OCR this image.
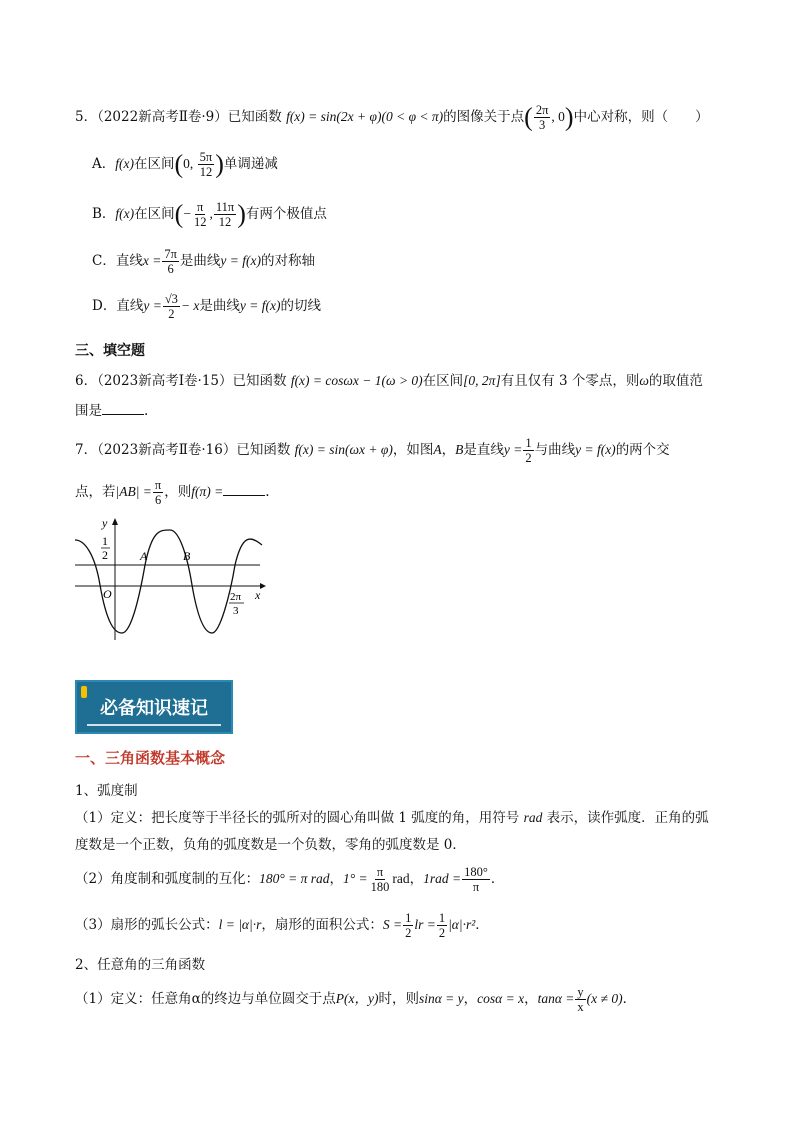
5．（2022新高考Ⅱ卷·9）已知函数 f(x) = sin(2x + φ)(0 < φ < π)的图像关于点( $\frac{2\pi}{3}$ , 0)中心对称，则（　　）
A．f(x)在区间(0, $\frac{5\pi}{12}$ )单调递减
B．f(x)在区间(− $\frac{\pi}{12}$ , $\frac{11\pi}{12}$ )有两个极值点
C．直线$x = \frac{7\pi}{6}$ 是曲线y = f(x)的对称轴
D．直线$y = \frac{√3}{2} - x$是曲线y = f(x)的切线
三、填空题
6．（2023新高考Ⅰ卷·15）已知函数 f(x) = cosωx − 1(ω > 0)在区间[0, 2π]有且仅有 3 个零点，则ω的取值范
围是	.
7．（2023新高考Ⅱ卷·16）已知函数 f(x) = sin(ωx + φ)，如图A，B是直线$y = \frac{1}{2}$ 与曲线y = f(x)的两个交
点，若$|AB| = \frac{\pi}{6}$ ，则f(π) =	.
y
x
O
1
2	A	B
2π
3
必备知识速记
一、三角函数基本概念
1、弧度制
（1）定义：把长度等于半径长的弧所对的圆心角叫做 1 弧度的角，用符号 rad 表示，读作弧度．正角的弧
度数是一个正数，负角的弧度数是一个负数，零角的弧度数是 0．
（2）角度制和弧度制的互化：180° = π rad，$1^\circ = \frac{\pi}{180}$ rad，$1rad = \frac{180^\circ}{\pi}$ ．
（3）扇形的弧长公式：l = |α|·r，扇形的面积公式：$S = \frac{1}{2}$ lr = $\frac{1}{2} |\alpha|\cdot r^2$．
2、任意角的三角函数
（1）定义：任意角α的终边与单位圆交于点P(x，y)时，则sinα = y，cosα = x，$\tan\alpha = \frac{y}{x} (x \ne 0)$．
